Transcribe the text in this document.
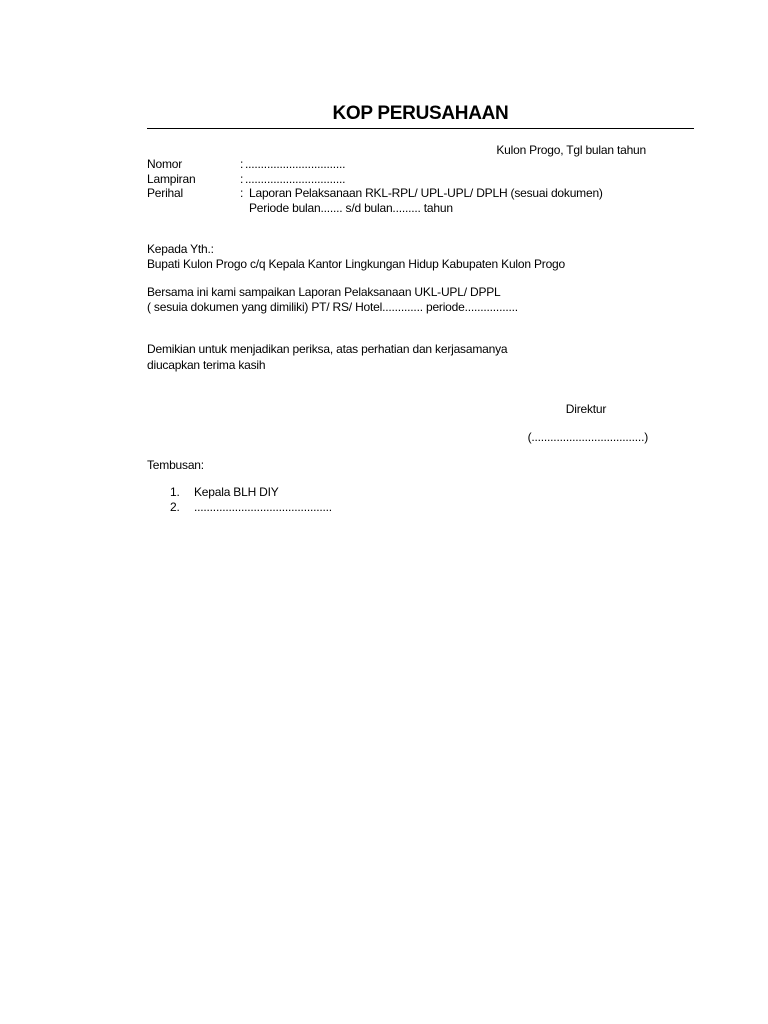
KOP PERUSAHAAN
Kulon Progo, Tgl bulan tahun
Nomor	: ................................
Lampiran	: ................................
Perihal	: Laporan Pelaksanaan RKL-RPL/ UPL-UPL/ DPLH (sesuai dokumen)
Periode bulan....... s/d bulan......... tahun
Kepada Yth.:
Bupati Kulon Progo c/q Kepala Kantor Lingkungan Hidup Kabupaten Kulon Progo
Bersama ini kami sampaikan Laporan Pelaksanaan UKL-UPL/ DPPL
( sesuia dokumen yang dimiliki) PT/ RS/ Hotel............. periode.................
Demikian untuk menjadikan periksa, atas perhatian dan kerjasamanya
diucapkan terima kasih
Direktur
(....................................)
Tembusan:
1. Kepala BLH DIY
2. ............................................
